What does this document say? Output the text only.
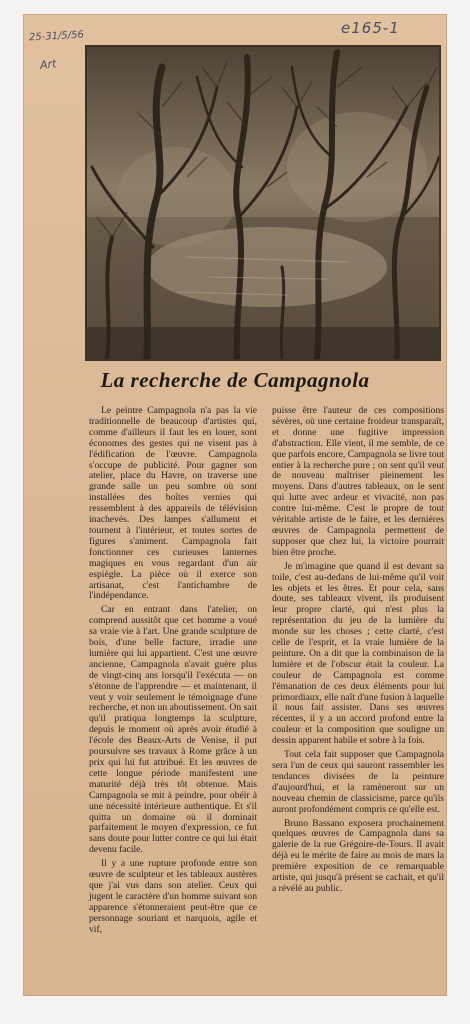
25-31/5/56
Art
e165-1
La recherche de Campagnola

Le peintre Campagnola n'a pas la vie traditionnelle de beaucoup d'artistes qui, comme d'ailleurs il faut les en louer, sont économes des gestes qui ne visent pas à l'édification de l'œuvre. Campagnola s'occupe de publicité. Pour gagner son atelier, place du Havre, on traverse une grande salle un peu sombre où sont installées des boîtes vernies qui ressemblent à des appareils de télévision inachevés. Des lampes s'allument et tournent à l'intérieur, et toutes sortes de figures s'animent. Campagnola fait fonctionner ces curieuses lanternes magiques en vous regardant d'un air espiègle. La pièce où il exerce son artisanat, c'est l'antichambre de l'indépendance.

Car en entrant dans l'atelier, on comprend aussitôt que cet homme a voué sa vraie vie à l'art. Une grande sculpture de bois, d'une belle facture, irradie une lumière qui lui appartient. C'est une œuvre ancienne, Campagnola n'avait guère plus de vingt-cinq ans lorsqu'il l'exécuta — on s'étonne de l'apprendre — et maintenant, il veut y voir seulement le témoignage d'une recherche, et non un aboutissement. On sait qu'il pratiqua longtemps la sculpture, depuis le moment où après avoir étudié à l'école des Beaux-Arts de Venise, il put poursuivre ses travaux à Rome grâce à un prix qui lui fut attribué. Et les œuvres de cette longue période manifestent une maturité déjà très tôt obtenue. Mais Campagnola se mit à peindre, pour obéir à une nécessité intérieure authentique. Et s'il quitta un domaine où il dominait parfaitement le moyen d'expression, ce fut sans doute pour lutter contre ce qui lui était devenu facile.

Il y a une rupture profonde entre son œuvre de sculpteur et les tableaux austères que j'ai vus dans son atelier. Ceux qui jugent le caractère d'un homme suivant son apparence s'étonneraient peut-être que ce personnage souriant et narquois, agile et vif,

puisse être l'auteur de ces compositions sévères, où une certaine froideur transparaît, et donne une fugitive impression d'abstraction. Elle vient, il me semble, de ce que parfois encore, Campagnola se livre tout entier à la recherche pure ; on sent qu'il veut de nouveau maîtriser pleinement les moyens. Dans d'autres tableaux, on le sent qui lutte avec ardeur et vivacité, non pas contre lui-même. C'est le propre de tout véritable artiste de le faire, et les dernières œuvres de Campagnola permettent de supposer que chez lui, la victoire pourrait bien être proche.

Je m'imagine que quand il est devant sa toile, c'est au-dedans de lui-même qu'il voit les objets et les êtres. Et pour cela, sans doute, ses tableaux vivent, ils produisent leur propre clarté, qui n'est plus la représentation du jeu de la lumière du monde sur les choses ; cette clarté, c'est celle de l'esprit, et la vraie lumière de la peinture. On a dit que la combinaison de la lumière et de l'obscur était la couleur. La couleur de Campagnola est comme l'émanation de ces deux éléments pour lui primordiaux, elle naît d'une fusion à laquelle il nous fait assister. Dans ses œuvres récentes, il y a un accord profond entre la couleur et la composition que souligne un dessin apparent habile et sobre à la fois.

Tout cela fait supposer que Campagnola sera l'un de ceux qui sauront rassembler les tendances divisées de la peinture d'aujourd'hui, et la ramèneront sur un nouveau chemin de classicisme, parce qu'ils auront profondément compris ce qu'elle est.

Bruno Bassano exposera prochainement quelques œuvres de Campagnola dans sa galerie de la rue Grégoire-de-Tours. Il avait déjà eu le mérite de faire au mois de mars la première exposition de ce remarquable artiste, qui jusqu'à présent se cachait, et qu'il a révélé au public.
